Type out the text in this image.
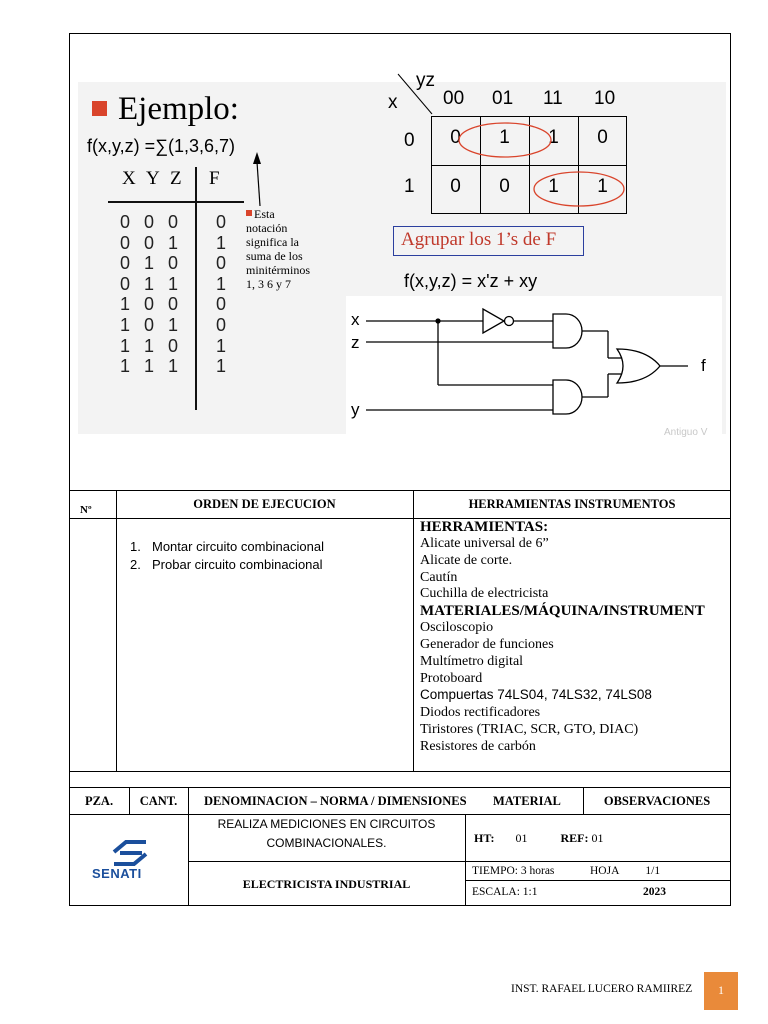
Ejemplo:
f(x,y,z) =∑(1,3,6,7)
X Y Z F
0 0 0 0
0 0 1 1
0 1 0 0
0 1 1 1
1 0 0 0
1 0 1 0
1 1 0 1
1 1 1 1
Esta
notación
significa la
suma de los
minitérminos
1, 3 6 y 7
yz
x 00 01 11 10
0
1
0	1	1	0
0	0	1	1
Agrupar los 1’s de F
f(x,y,z) = x'z + xy
x
z
y
f
Antiguo V
Nº	ORDEN DE EJECUCION	HERRAMIENTAS INSTRUMENTOS
1. Montar circuito combinacional
2. Probar circuito combinacional
HERRAMIENTAS:
Alicate universal de 6”
Alicate de corte.
Cautín
Cuchilla de electricista
MATERIALES/MÁQUINA/INSTRUMENT
Osciloscopio
Generador de funciones
Multímetro digital
Protoboard
Compuertas 74LS04, 74LS32, 74LS08
Diodos rectificadores
Tiristores (TRIAC, SCR, GTO, DIAC)
Resistores de carbón
PZA.	CANT.	DENOMINACION – NORMA / DIMENSIONES MATERIAL	OBSERVACIONES
SENATI
REALIZA MEDICIONES EN CIRCUITOS
COMBINACIONALES.	HT: 01	REF: 01
ELECTRICISTA INDUSTRIAL
TIEMPO: 3 horas	HOJA 1/1
ESCALA: 1:1	2023
INST. RAFAEL LUCERO RAMIIREZ	1
